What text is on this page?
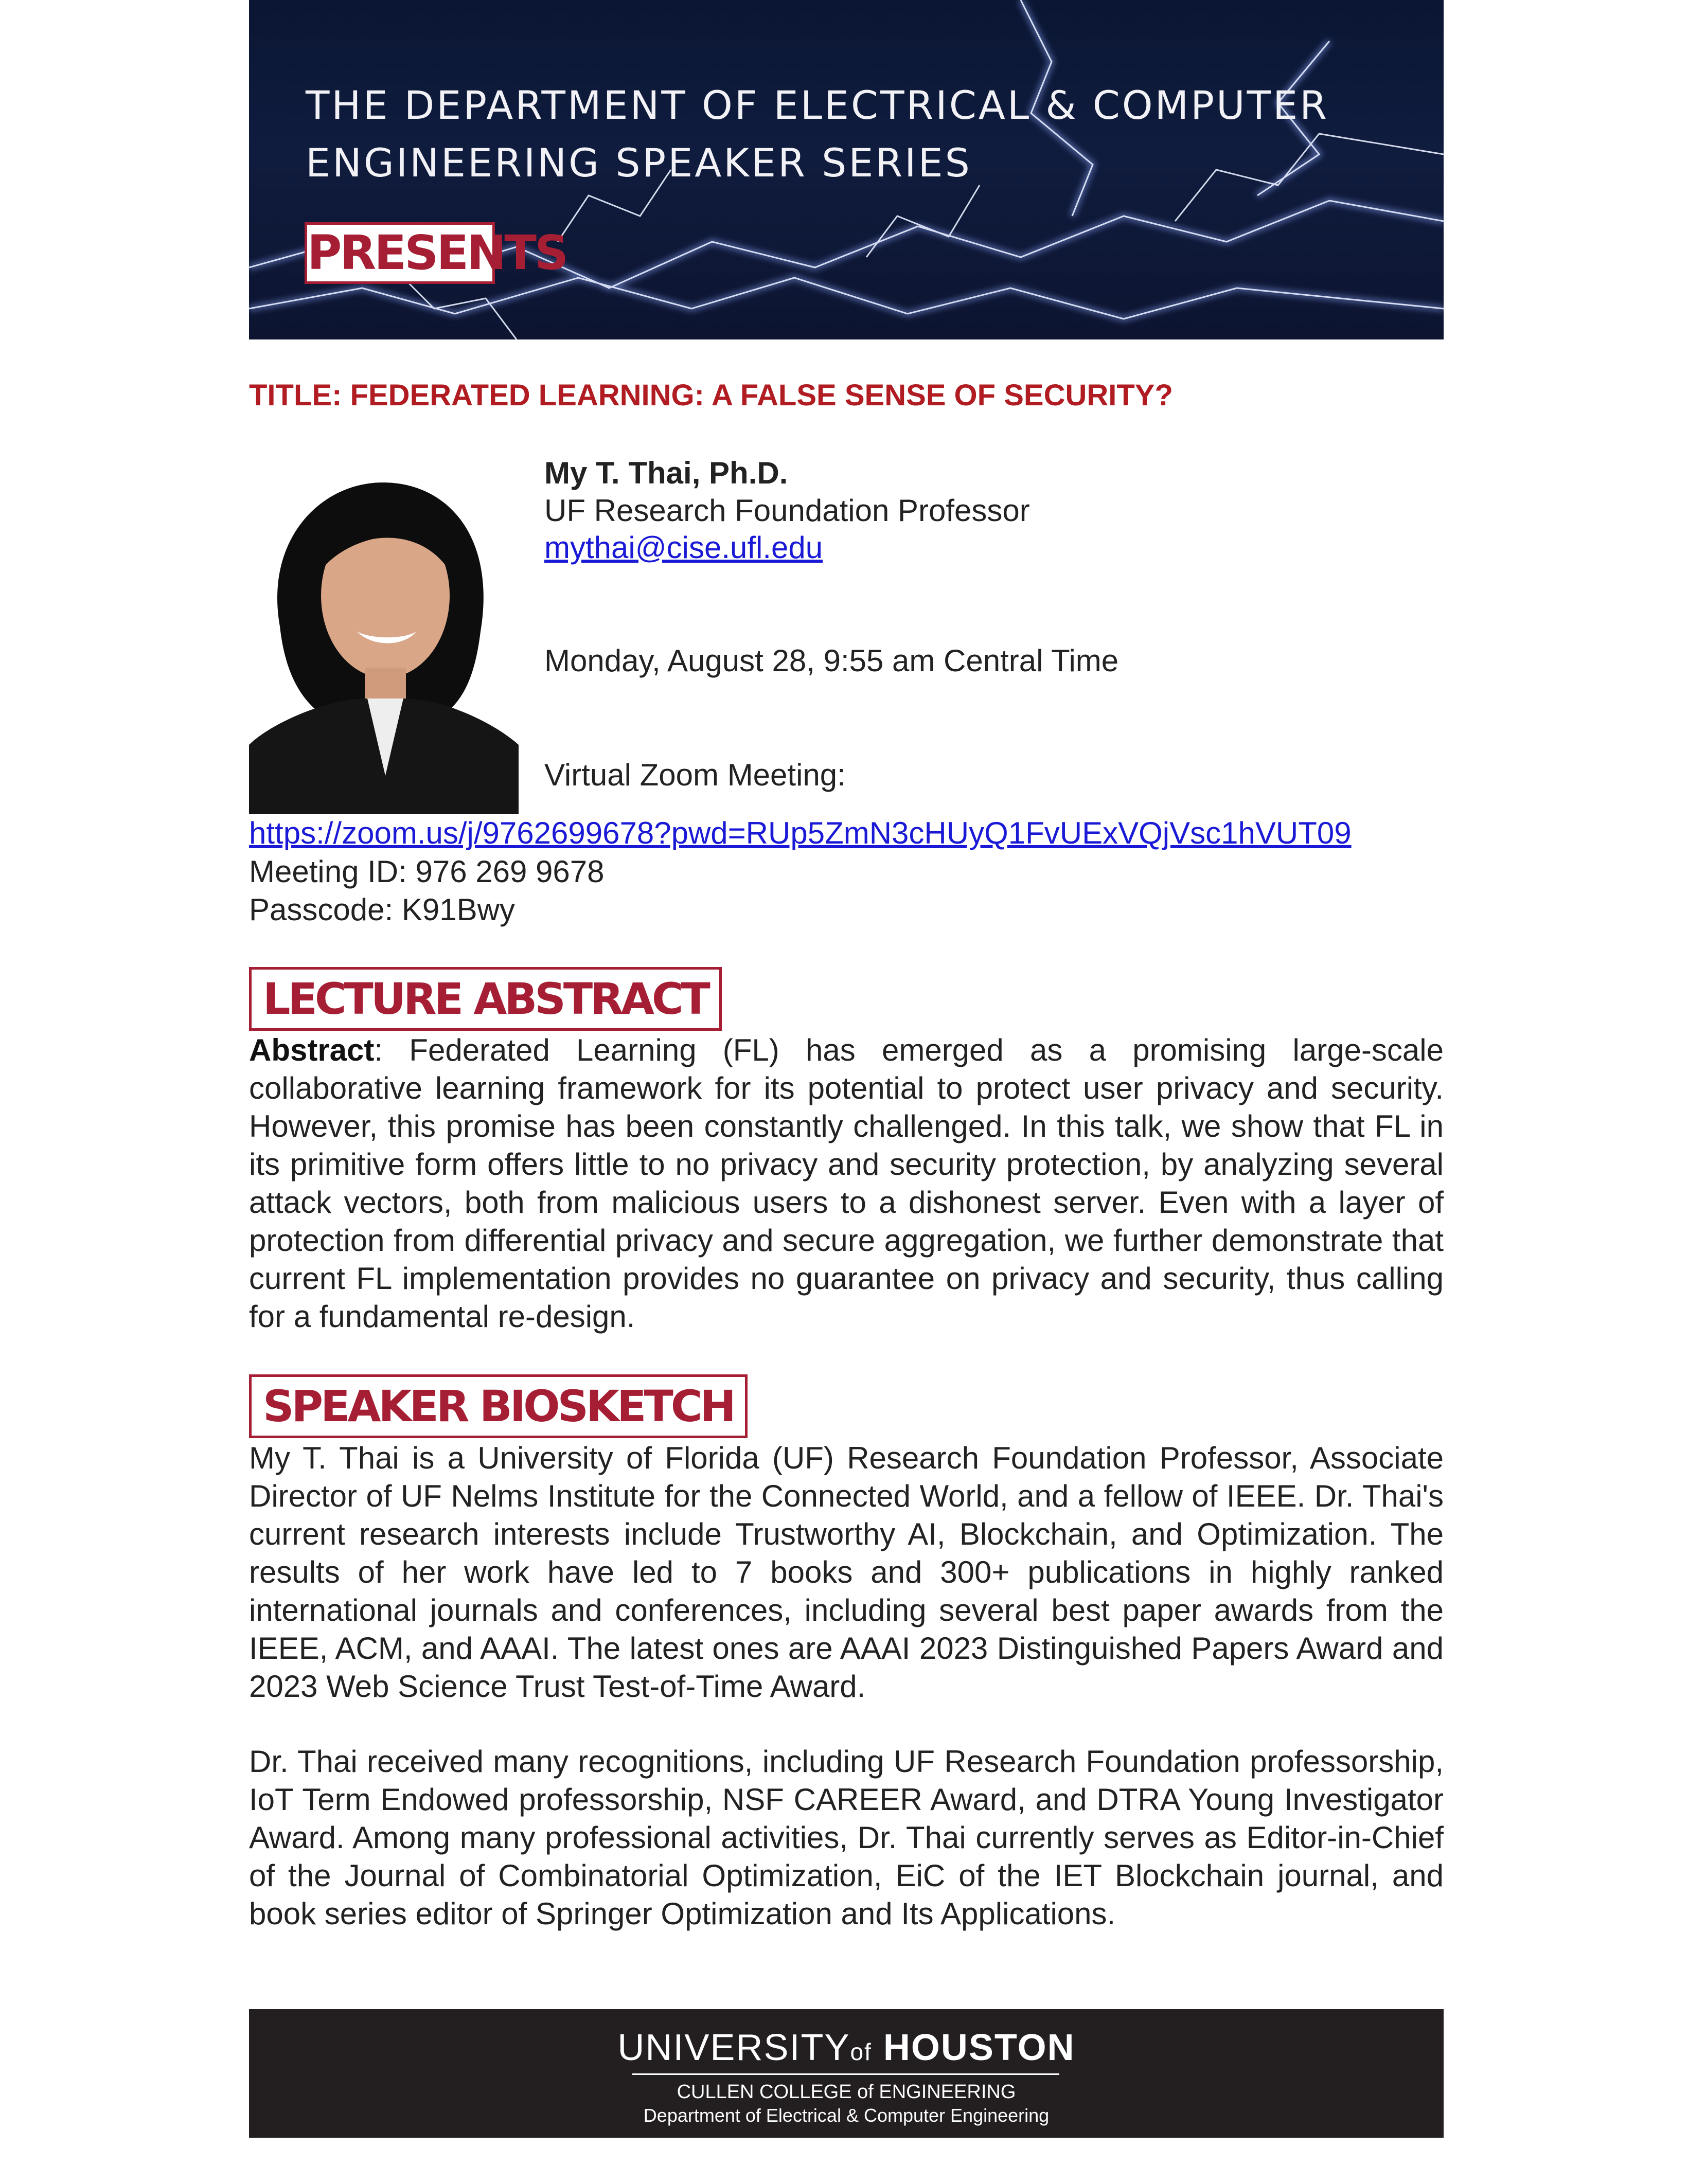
THE DEPARTMENT OF ELECTRICAL & COMPUTER
ENGINEERING SPEAKER SERIES
PRESENTS
TITLE: FEDERATED LEARNING: A FALSE SENSE OF SECURITY?
My T. Thai, Ph.D.
UF Research Foundation Professor
mythai@cise.ufl.edu
Monday, August 28, 9:55 am Central Time
Virtual Zoom Meeting:
https://zoom.us/j/9762699678?pwd=RUp5ZmN3cHUyQ1FvUExVQjVsc1hVUT09
Meeting ID: 976 269 9678
Passcode: K91Bwy
LECTURE ABSTRACT
Abstract: Federated Learning (FL) has emerged as a promising large-scale collaborative learning framework for its potential to protect user privacy and security. However, this promise has been constantly challenged. In this talk, we show that FL in its primitive form offers little to no privacy and security protection, by analyzing several attack vectors, both from malicious users to a dishonest server. Even with a layer of protection from differential privacy and secure aggregation, we further demonstrate that current FL implementation provides no guarantee on privacy and security, thus calling for a fundamental re-design.
SPEAKER BIOSKETCH
My T. Thai is a University of Florida (UF) Research Foundation Professor, Associate Director of UF Nelms Institute for the Connected World, and a fellow of IEEE. Dr. Thai's current research interests include Trustworthy AI, Blockchain, and Optimization. The results of her work have led to 7 books and 300+ publications in highly ranked international journals and conferences, including several best paper awards from the IEEE, ACM, and AAAI. The latest ones are AAAI 2023 Distinguished Papers Award and 2023 Web Science Trust Test-of-Time Award.
Dr. Thai received many recognitions, including UF Research Foundation professorship, IoT Term Endowed professorship, NSF CAREER Award, and DTRA Young Investigator Award. Among many professional activities, Dr. Thai currently serves as Editor-in-Chief of the Journal of Combinatorial Optimization, EiC of the IET Blockchain journal, and book series editor of Springer Optimization and Its Applications.
UNIVERSITYof HOUSTON
CULLEN COLLEGE of ENGINEERING
Department of Electrical & Computer Engineering
